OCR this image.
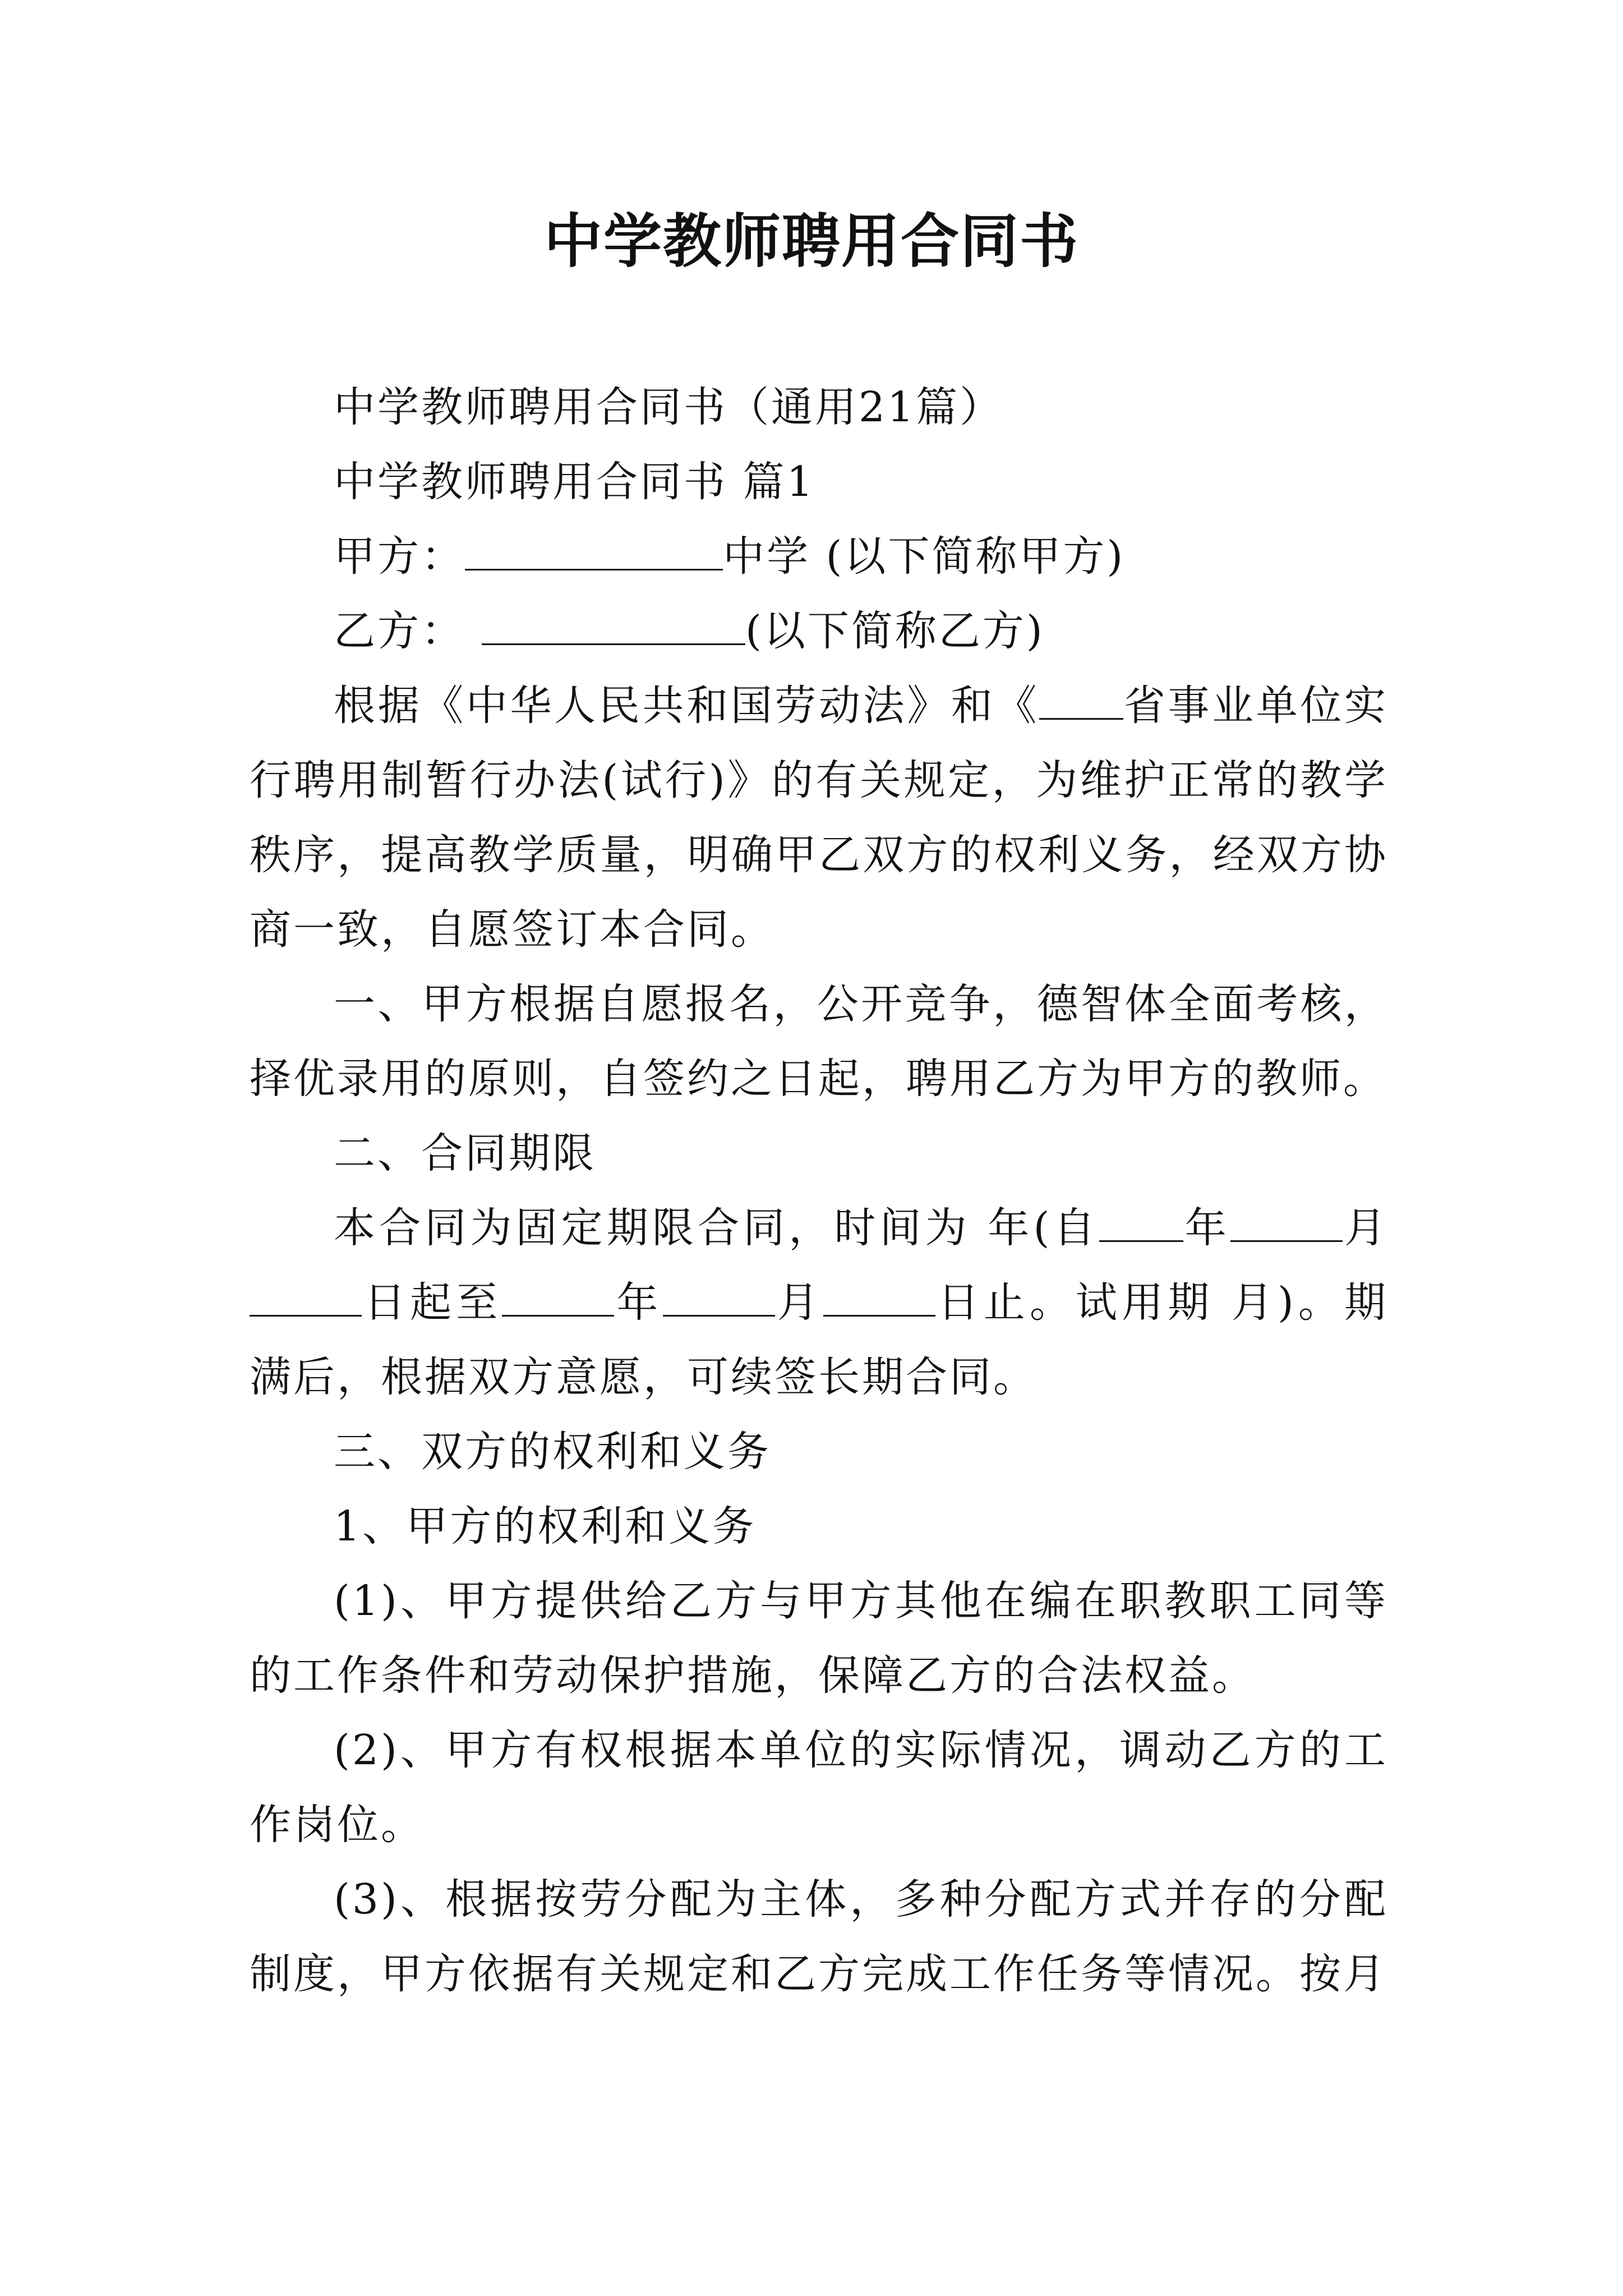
中学教师聘用合同书

中学教师聘用合同书（通用21篇）

中学教师聘用合同书 篇1

甲方：	中学 (以下简称甲方)

乙方：	(以下简称乙方)

根据《中华人民共和国劳动法》和《 省事业单位实行聘用制暂行办法(试行)》的有关规定，为维护正常的教学秩序，提高教学质量，明确甲乙双方的权利义务，经双方协商一致，自愿签订本合同。

一、甲方根据自愿报名，公开竞争，德智体全面考核，择优录用的原则，自签约之日起，聘用乙方为甲方的教师。

二、合同期限

本合同为固定期限合同，时间为 年(自 年	月日起至	年	月	日止。试用期 月)。期满后，根据双方意愿，可续签长期合同。

三、双方的权利和义务

1、甲方的权利和义务

(1)、甲方提供给乙方与甲方其他在编在职教职工同等的工作条件和劳动保护措施，保障乙方的合法权益。

(2)、甲方有权根据本单位的实际情况，调动乙方的工作岗位。

(3)、根据按劳分配为主体，多种分配方式并存的分配制度，甲方依据有关规定和乙方完成工作任务等情况。按月
